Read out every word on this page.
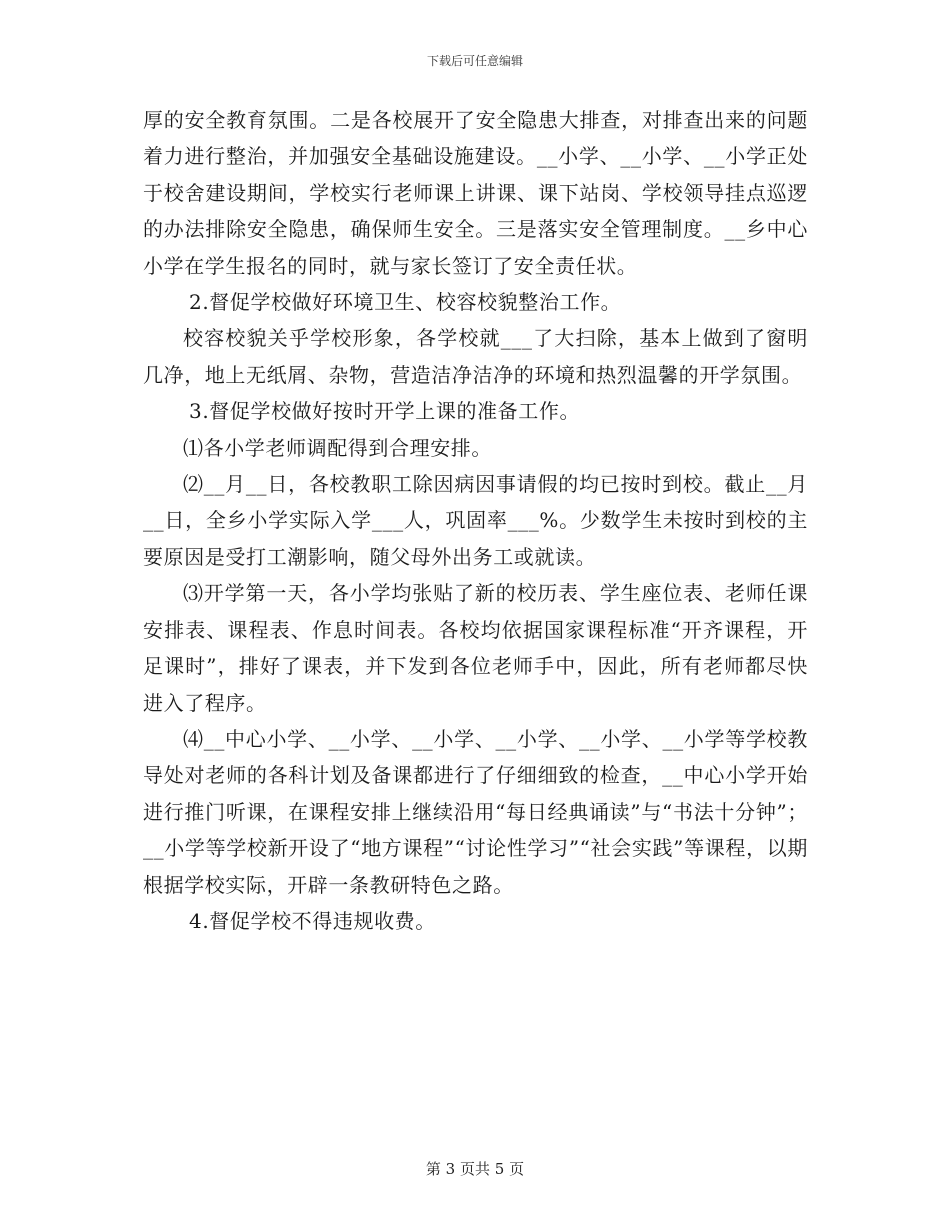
下载后可任意编辑

厚的安全教育氛围。二是各校展开了安全隐患大排查，对排查出来的问题着力进行整治，并加强安全基础设施建设。__小学、__小学、__小学正处于校舍建设期间，学校实行老师课上讲课、课下站岗、学校领导挂点巡逻的办法排除安全隐患，确保师生安全。三是落实安全管理制度。__乡中心小学在学生报名的同时，就与家长签订了安全责任状。

2.督促学校做好环境卫生、校容校貌整治工作。

校容校貌关乎学校形象，各学校就___了大扫除，基本上做到了窗明几净，地上无纸屑、杂物，营造洁净洁净的环境和热烈温馨的开学氛围。

3.督促学校做好按时开学上课的准备工作。

⑴各小学老师调配得到合理安排。

⑵__月__日，各校教职工除因病因事请假的均已按时到校。截止__月__日，全乡小学实际入学___人，巩固率___%。少数学生未按时到校的主要原因是受打工潮影响，随父母外出务工或就读。

⑶开学第一天，各小学均张贴了新的校历表、学生座位表、老师任课安排表、课程表、作息时间表。各校均依据国家课程标准“开齐课程，开足课时”，排好了课表，并下发到各位老师手中，因此，所有老师都尽快进入了程序。

⑷__中心小学、__小学、__小学、__小学、__小学、__小学等学校教导处对老师的各科计划及备课都进行了仔细细致的检查，__中心小学开始进行推门听课，在课程安排上继续沿用“每日经典诵读”与“书法十分钟”；__小学等学校新开设了“地方课程”“讨论性学习”“社会实践”等课程，以期根据学校实际，开辟一条教研特色之路。

4.督促学校不得违规收费。

第 3 页共 5 页
